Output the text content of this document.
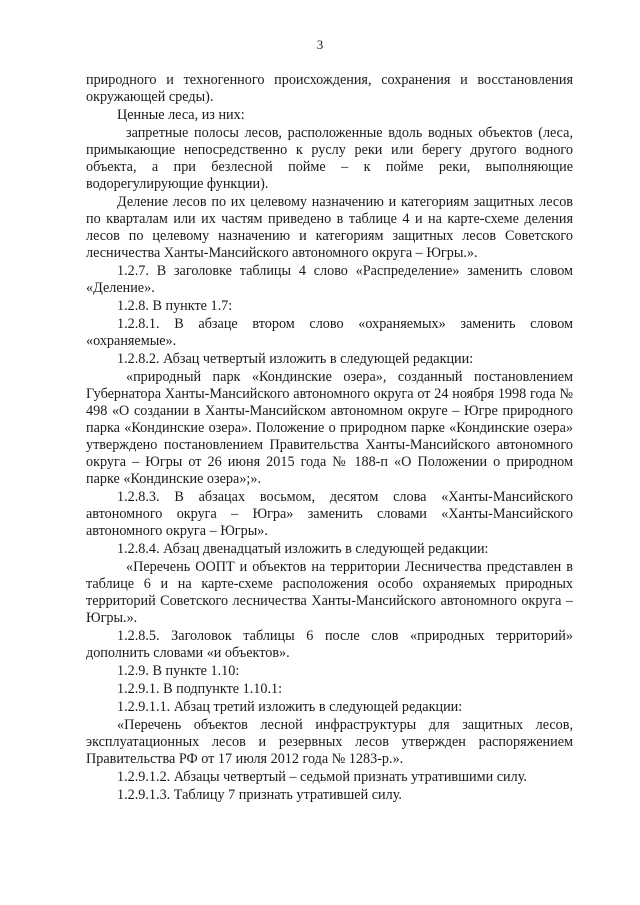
3

природного и техногенного происхождения, сохранения и восстановления окружающей среды).

Ценные леса, из них:

запретные полосы лесов, расположенные вдоль водных объектов (леса, примыкающие непосредственно к руслу реки или берегу другого водного объекта, а при безлесной пойме – к пойме реки, выполняющие водорегулирующие функции).

Деление лесов по их целевому назначению и категориям защитных лесов по кварталам или их частям приведено в таблице 4 и на карте-схеме деления лесов по целевому назначению и категориям защитных лесов Советского лесничества Ханты-Мансийского автономного округа – Югры.».

1.2.7. В заголовке таблицы 4 слово «Распределение» заменить словом «Деление».

1.2.8. В пункте 1.7:

1.2.8.1. В абзаце втором слово «охраняемых» заменить словом «охраняемые».

1.2.8.2. Абзац четвертый изложить в следующей редакции:

«природный парк «Кондинские озера», созданный постановлением Губернатора Ханты-Мансийского автономного округа от 24 ноября 1998 года № 498 «О создании в Ханты-Мансийском автономном округе – Югре природного парка «Кондинские озера». Положение о природном парке «Кондинские озера» утверждено постановлением Правительства Ханты-Мансийского автономного округа – Югры от 26 июня 2015 года № 188-п «О Положении о природном парке «Кондинские озера»;».

1.2.8.3. В абзацах восьмом, десятом слова «Ханты-Мансийского автономного округа – Югра» заменить словами «Ханты-Мансийского автономного округа – Югры».

1.2.8.4. Абзац двенадцатый изложить в следующей редакции:

«Перечень ООПТ и объектов на территории Лесничества представлен в таблице 6 и на карте-схеме расположения особо охраняемых природных территорий Советского лесничества Ханты-Мансийского автономного округа – Югры.».

1.2.8.5. Заголовок таблицы 6 после слов «природных территорий» дополнить словами «и объектов».

1.2.9. В пункте 1.10:

1.2.9.1. В подпункте 1.10.1:

1.2.9.1.1. Абзац третий изложить в следующей редакции:

«Перечень объектов лесной инфраструктуры для защитных лесов, эксплуатационных лесов и резервных лесов утвержден распоряжением Правительства РФ от 17 июля 2012 года № 1283-р.».

1.2.9.1.2. Абзацы четвертый – седьмой признать утратившими силу.

1.2.9.1.3. Таблицу 7 признать утратившей силу.
